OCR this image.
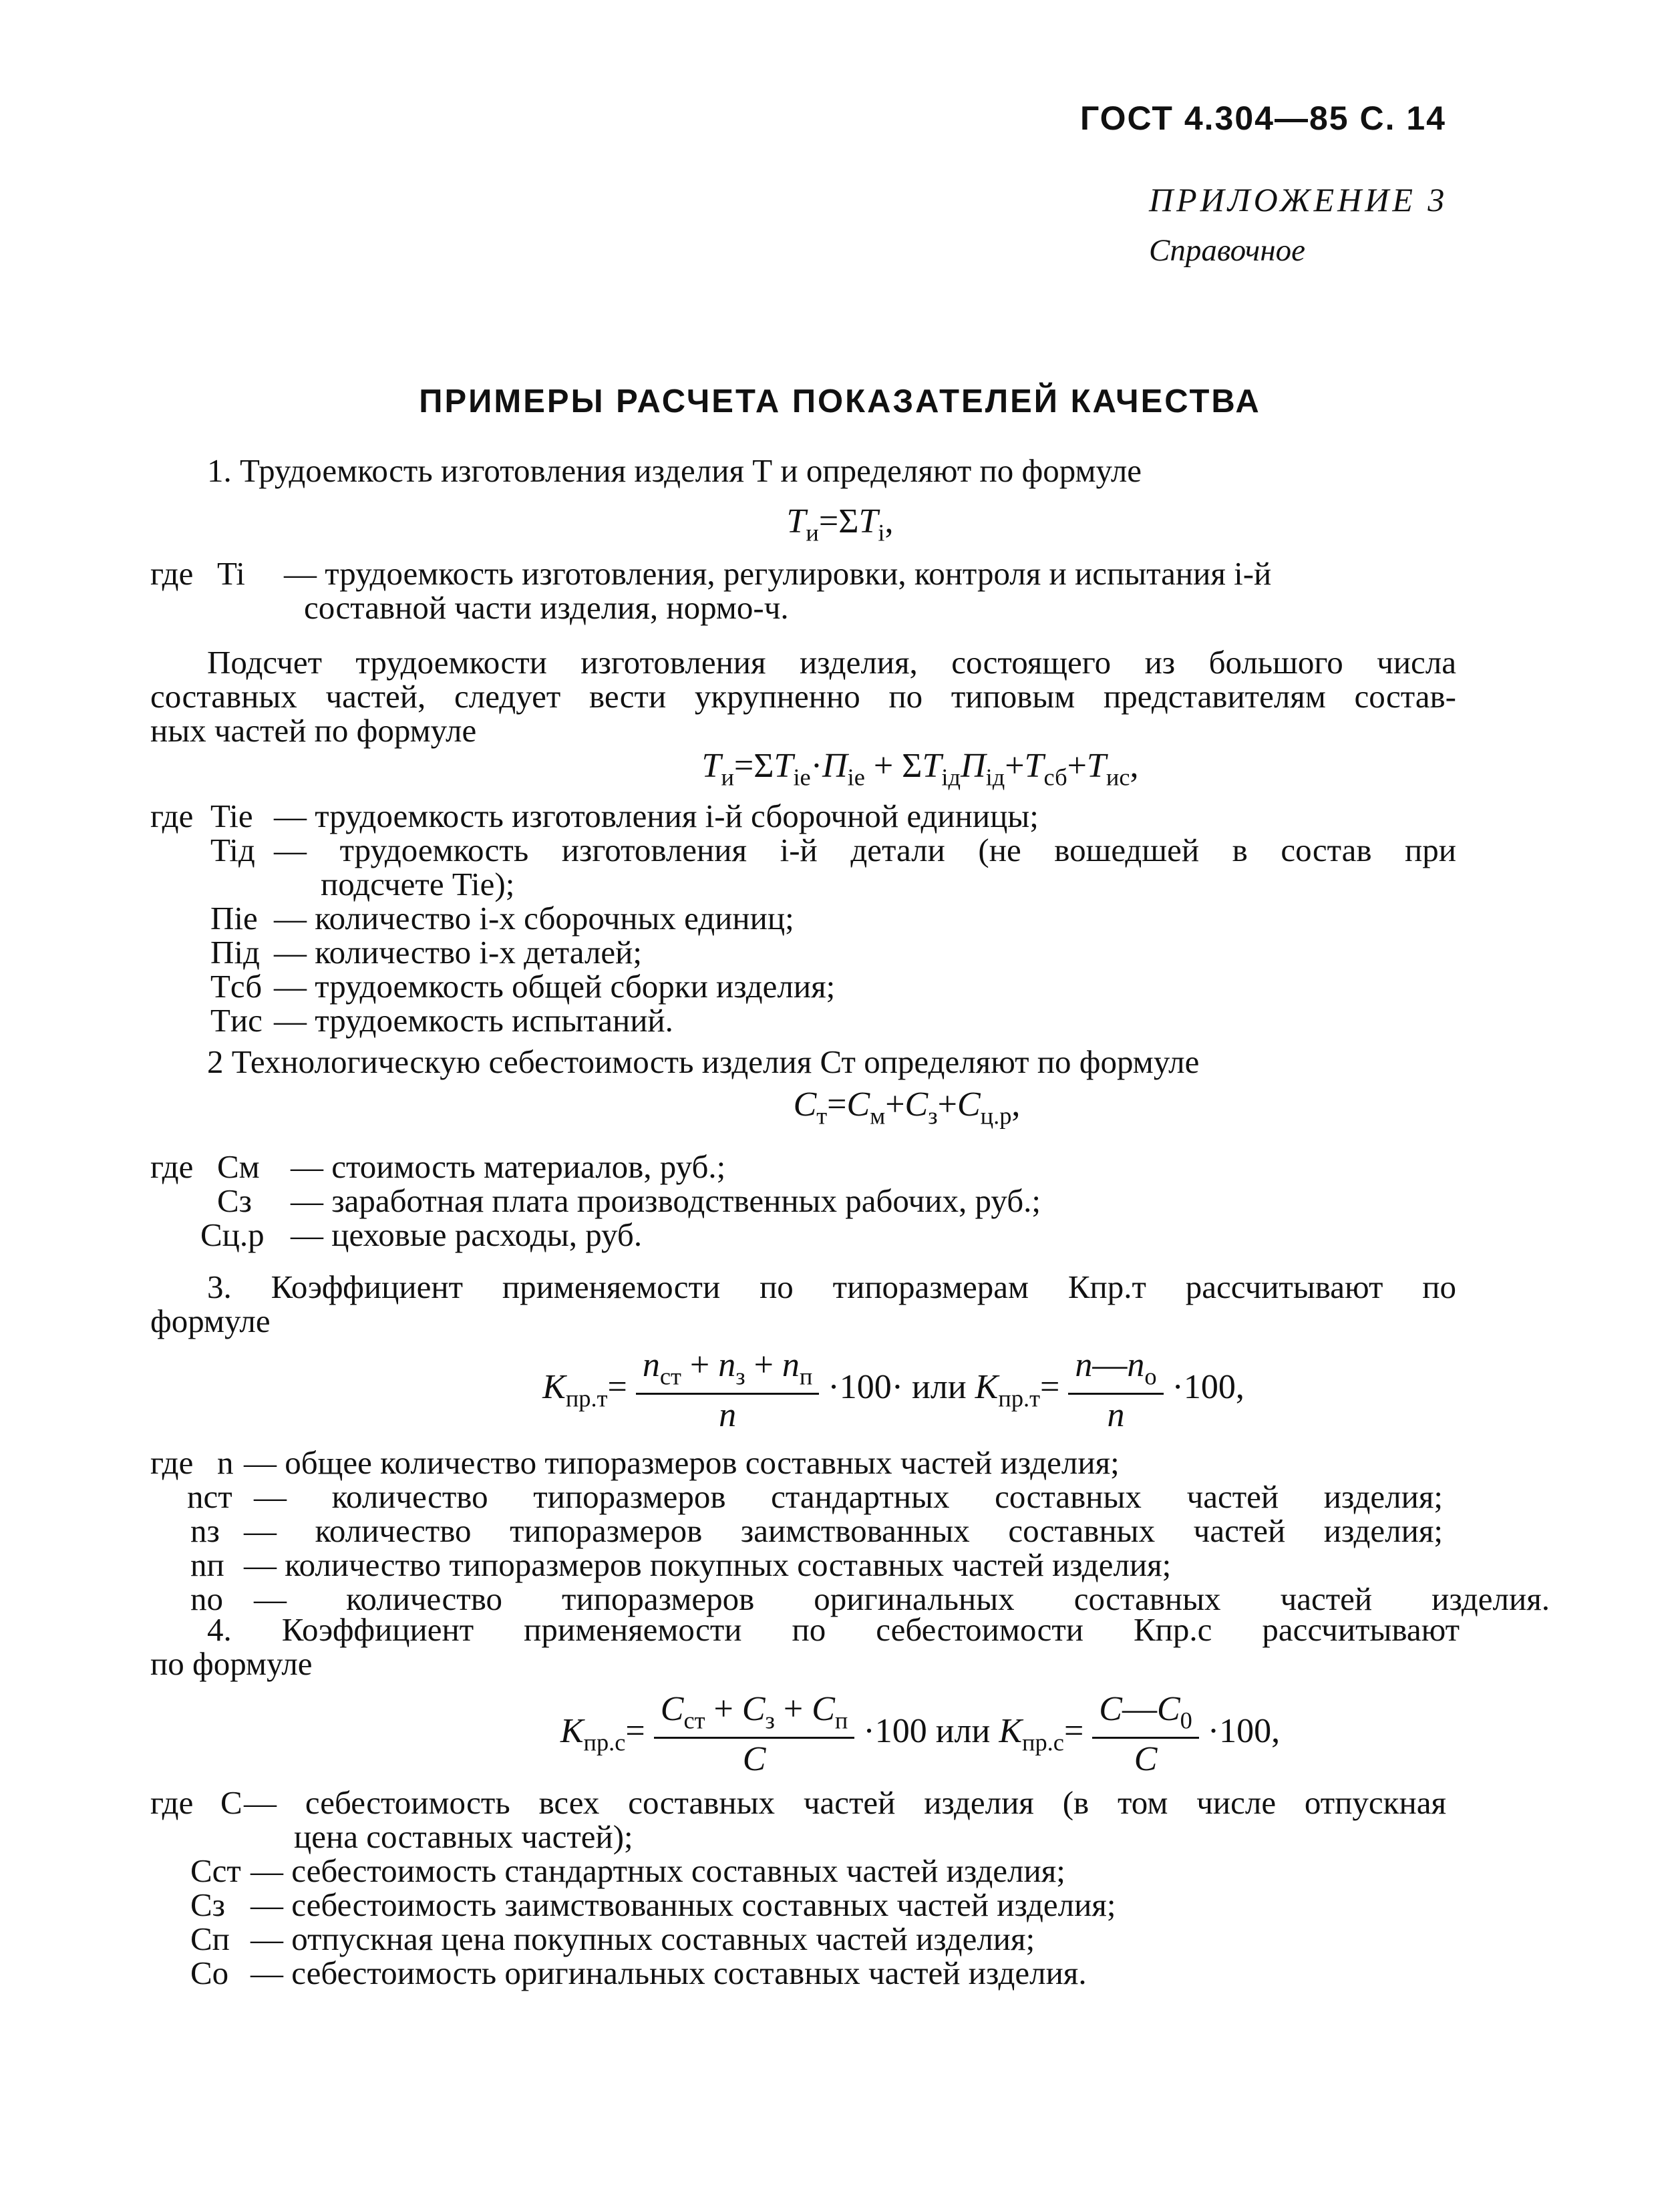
ГОСТ 4.304—85 С. 14
ПРИЛОЖЕНИЕ 3
Справочное
ПРИМЕРЫ РАСЧЕТА ПОКАЗАТЕЛЕЙ КАЧЕСТВА
1. Трудоемкость изготовления изделия Т и определяют по формуле
$T_и=\Sigma T_i$,
где Ti — трудоемкость изготовления, регулировки, контроля и испытания i-й
составной части изделия, нормо-ч.
Подсчет трудоемкости изготовления изделия, состоящего из большого числа
составных частей, следует вести укрупненно по типовым представителям состав-
ных частей по формуле
$T_и=\Sigma T_{ie}\cdot П_{ie} + \Sigma T_{iд}П_{iд}+T_{сб}+T_{ис}$,
где Tie — трудоемкость изготовления i-й сборочной единицы;
Tiд — трудоемкость изготовления i-й детали (не вошедшей в состав при
подсчете Tie);
Пie — количество i-х сборочных единиц;
Пiд — количество i-х деталей;
Tсб — трудоемкость общей сборки изделия;
Tис — трудоемкость испытаний.
2 Технологическую себестоимость изделия Ст определяют по формуле
$C_т=C_м+C_з+C_{ц.р}$,
где Cм — стоимость материалов, руб.;
Cз — заработная плата производственных рабочих, руб.;
Cц.р — цеховые расходы, руб.
3. Коэффициент применяемости по типоразмерам Кпр.т рассчитывают по
формуле
$K_{пр.т}= \frac{n_{ст} + n_з + n_п}{n} \cdot 100\cdot$ или $K_{пр.т}= \frac{n—n_о}{n} \cdot 100$,
где n — общее количество типоразмеров составных частей изделия;
nст — количество типоразмеров стандартных составных частей изделия;
nз — количество типоразмеров заимствованных составных частей изделия;
nп — количество типоразмеров покупных составных частей изделия;
nо — количество типоразмеров оригинальных составных частей изделия.
4. Коэффициент применяемости по себестоимости Кпр.с рассчитывают
по формуле
$K_{пр.с}= \frac{C_{ст} + C_з + C_п}{C} \cdot 100$ или $K_{пр.с}= \frac{C—C_0}{C} \cdot 100$,
где C — себестоимость всех составных частей изделия (в том числе отпускная
цена составных частей);
Cст — себестоимость стандартных составных частей изделия;
Cз — себестоимость заимствованных составных частей изделия;
Cп — отпускная цена покупных составных частей изделия;
Cо — себестоимость оригинальных составных частей изделия.
